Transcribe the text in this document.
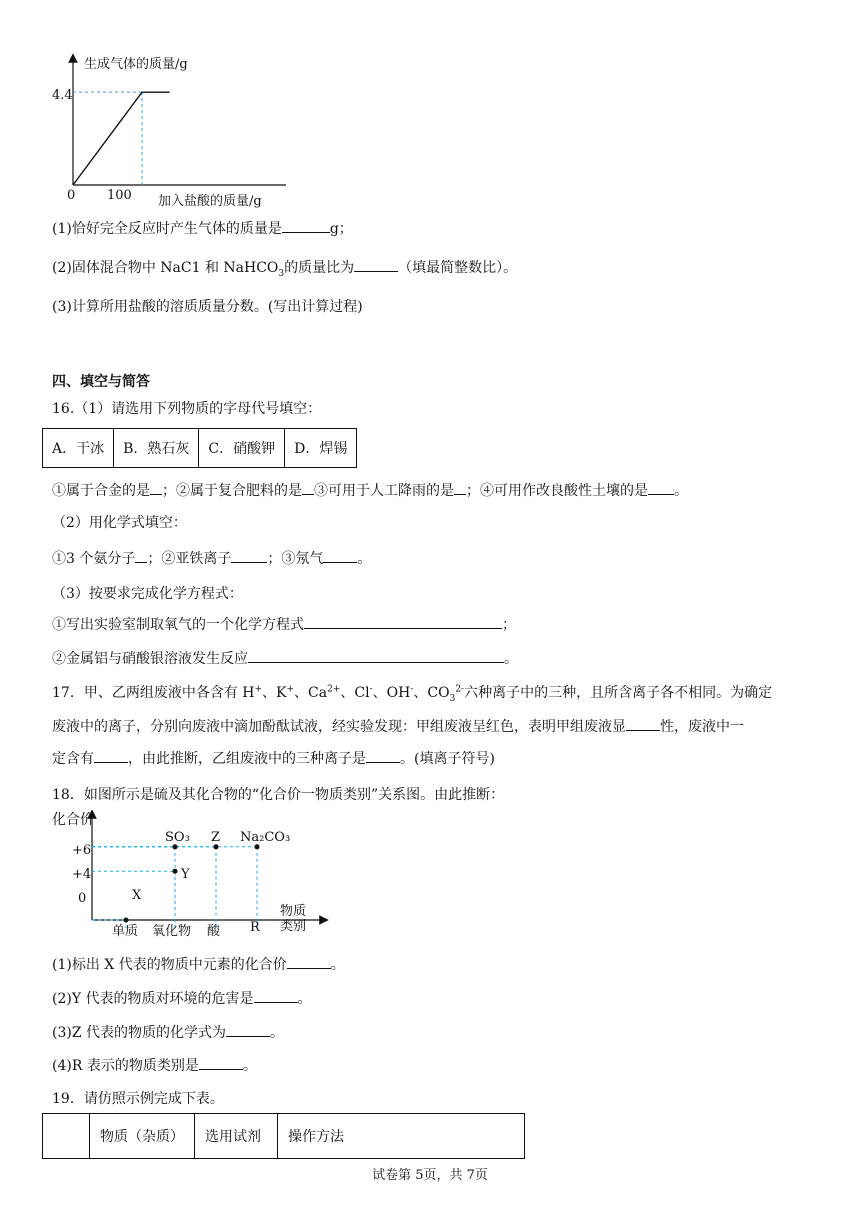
生成气体的质量/g
4.4
0 100 加入盐酸的质量/g
(1)恰好完全反应时产生气体的质量是	g；
(2)固体混合物中 NaC1 和 NaHCO$_3$的质量比为	（填最简整数比）。
(3)计算所用盐酸的溶质质量分数。(写出计算过程)
四、填空与简答
16.（1）请选用下列物质的字母代号填空：
A．干冰	B．熟石灰	C．硝酸钾	D．焊锡
①属于合金的是 ；②属于复合肥料的是 ③可用于人工降雨的是 ；④可用作改良酸性土壤的是 。
（2）用化学式填空：
①3 个氨分子 ；②亚铁离子	；③氖气 。
（3）按要求完成化学方程式：
①写出实验室制取氧气的一个化学方程式	；
②金属铝与硝酸银溶液发生反应	。
17．甲、乙两组废液中各含有 H+、K+、$Ca^{2+}$、Cl-、OH-、$CO_3^{2-}$六种离子中的三种，且所含离子各不相同。为确定
废液中的离子，分别向废液中滴加酚酞试液，经实验发现：甲组废液呈红色，表明甲组废液显 性，废液中一
定含有 ，由此推断，乙组废液中的三种离子是 。(填离子符号)
18．如图所示是硫及其化合物的“化合价一物质类别”关系图。由此推断：
化合价
+6
+4
0
单质 氧化物 酸 R
物质类别
X
Y
SO₃ Z Na₂CO₃
(1)标出 X 代表的物质中元素的化合价	。
(2)Y 代表的物质对环境的危害是	。
(3)Z 代表的物质的化学式为	。
(4)R 表示的物质类别是	。
19．请仿照示例完成下表。
	物质（杂质）	选用试剂	操作方法
试卷第 5页，共 7页
